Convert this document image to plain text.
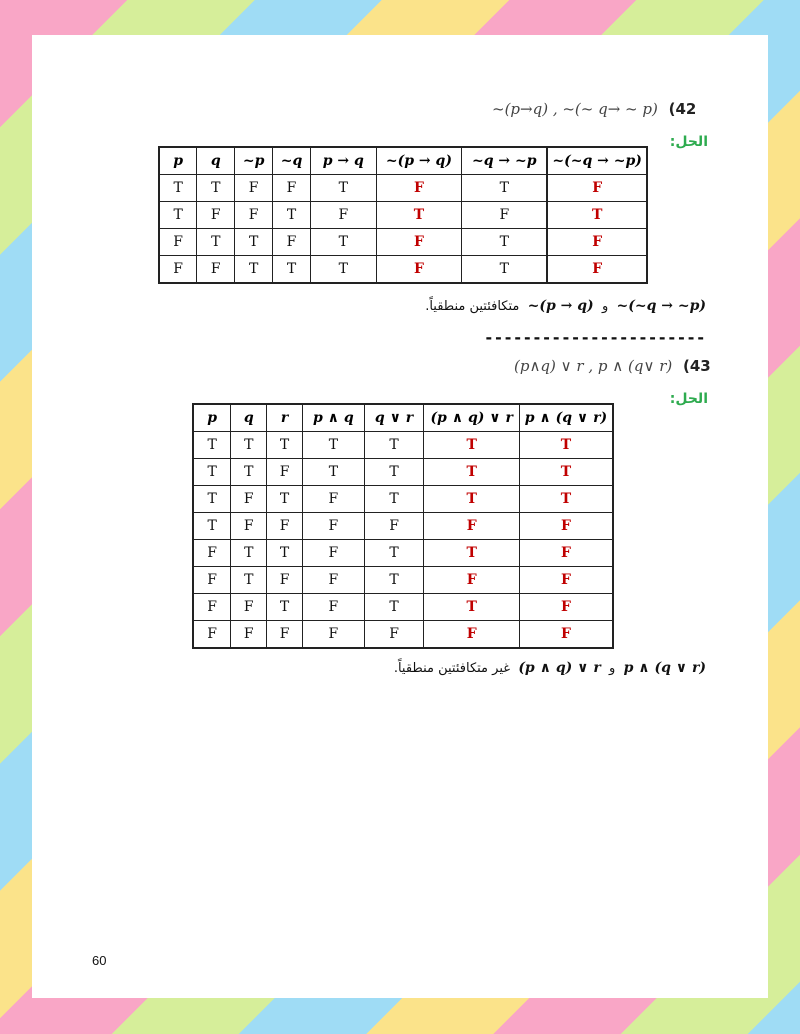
~(p→q) , ~(~ q→ ~ p) (42
الحل:
p	q	~p	~q	p → q	~(p → q)	~q → ~p	~(~q → ~p)
T	T	F	F	T	F	T	F
T	F	F	T	F	T	F	T
F	T	T	F	T	F	T	F
F	F	T	T	T	F	T	F
متكافئتين منطقياً. ~(p → q) و ~(~q → ~p)
-----------------------
(p∧q) ∨ r , p ∧ (q∨ r) (43
الحل:
p	q	r	p ∧ q	q ∨ r	(p ∧ q) ∨ r	p ∧ (q ∨ r)
T	T	T	T	T	T	T
T	T	F	T	T	T	T
T	F	T	F	T	T	T
T	F	F	F	F	F	F
F	T	T	F	T	T	F
F	T	F	F	T	F	F
F	F	T	F	T	T	F
F	F	F	F	F	F	F
غير متكافئتين منطقياً. (p ∧ q) ∨ r و p ∧ (q ∨ r)
60
